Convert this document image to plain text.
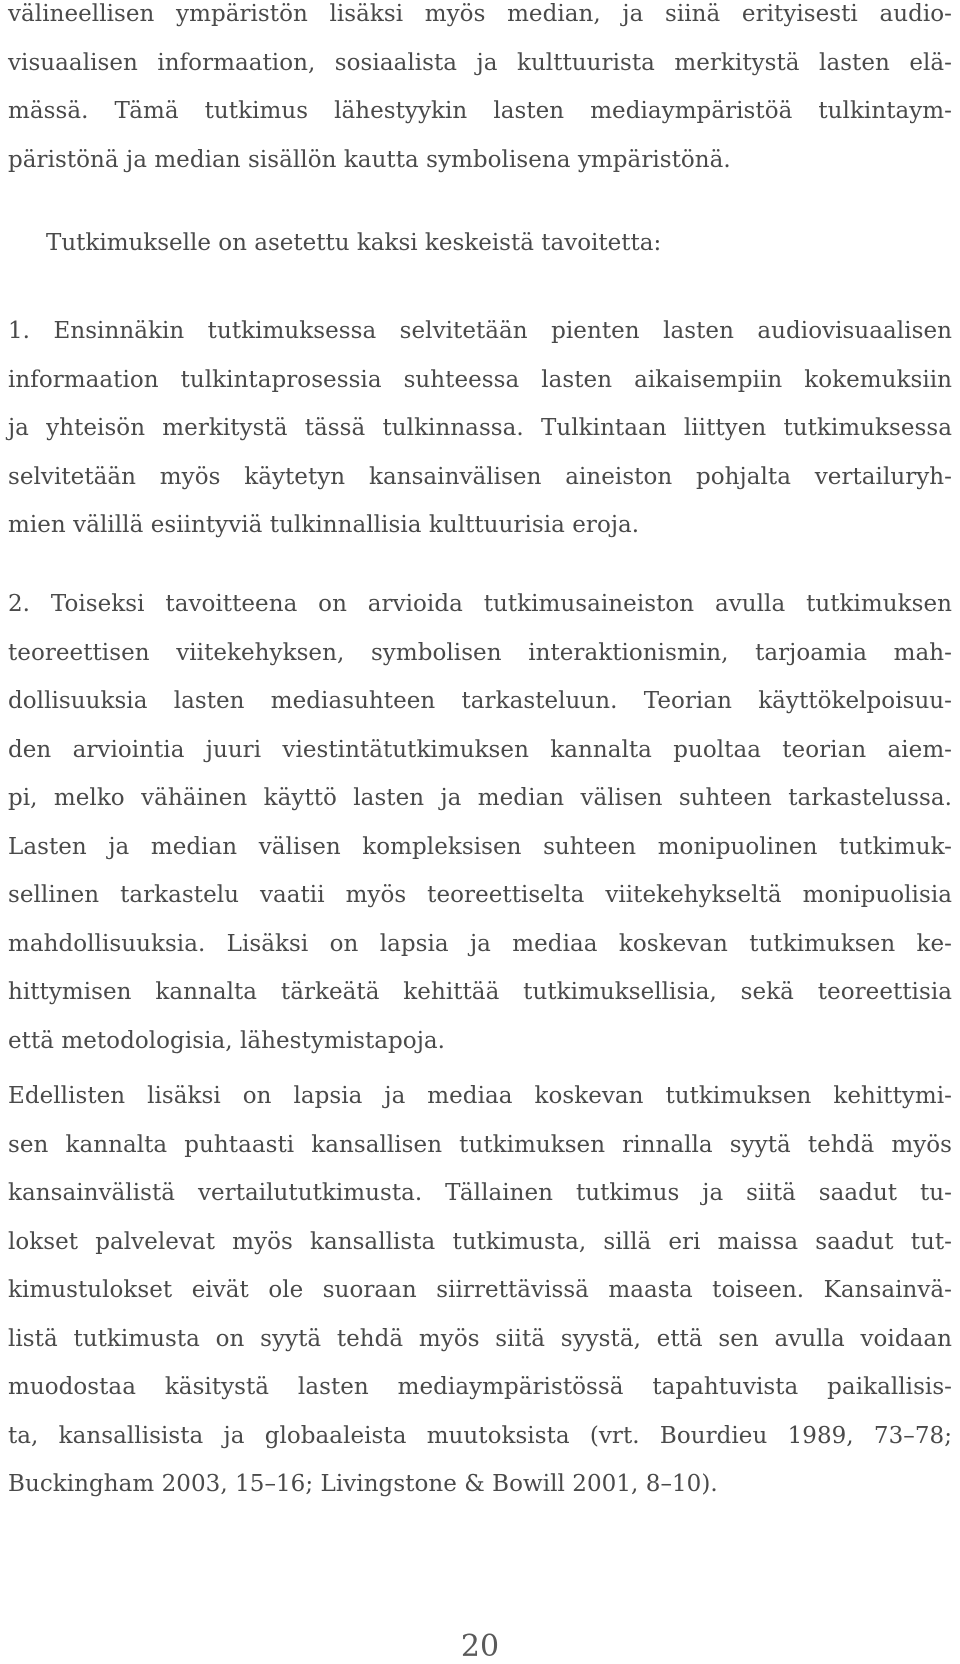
välineellisen ympäristön lisäksi myös median, ja siinä erityisesti audio-
visuaalisen informaation, sosiaalista ja kulttuurista merkitystä lasten elä-
mässä. Tämä tutkimus lähestyykin lasten mediaympäristöä tulkintaym-
päristönä ja median sisällön kautta symbolisena ympäristönä.
Tutkimukselle on asetettu kaksi keskeistä tavoitetta:
1. Ensinnäkin tutkimuksessa selvitetään pienten lasten audiovisuaalisen
informaation tulkintaprosessia suhteessa lasten aikaisempiin kokemuksiin
ja yhteisön merkitystä tässä tulkinnassa. Tulkintaan liittyen tutkimuksessa
selvitetään myös käytetyn kansainvälisen aineiston pohjalta vertailuryh-
mien välillä esiintyviä tulkinnallisia kulttuurisia eroja.
2. Toiseksi tavoitteena on arvioida tutkimusaineiston avulla tutkimuksen
teoreettisen viitekehyksen, symbolisen interaktionismin, tarjoamia mah-
dollisuuksia lasten mediasuhteen tarkasteluun. Teorian käyttökelpoisuu-
den arviointia juuri viestintätutkimuksen kannalta puoltaa teorian aiem-
pi, melko vähäinen käyttö lasten ja median välisen suhteen tarkastelussa.
Lasten ja median välisen kompleksisen suhteen monipuolinen tutkimuk-
sellinen tarkastelu vaatii myös teoreettiselta viitekehykseltä monipuolisia
mahdollisuuksia. Lisäksi on lapsia ja mediaa koskevan tutkimuksen ke-
hittymisen kannalta tärkeätä kehittää tutkimuksellisia, sekä teoreettisia
että metodologisia, lähestymistapoja.
Edellisten lisäksi on lapsia ja mediaa koskevan tutkimuksen kehittymi-
sen kannalta puhtaasti kansallisen tutkimuksen rinnalla syytä tehdä myös
kansainvälistä vertailututkimusta. Tällainen tutkimus ja siitä saadut tu-
lokset palvelevat myös kansallista tutkimusta, sillä eri maissa saadut tut-
kimustulokset eivät ole suoraan siirrettävissä maasta toiseen. Kansainvä-
listä tutkimusta on syytä tehdä myös siitä syystä, että sen avulla voidaan
muodostaa käsitystä lasten mediaympäristössä tapahtuvista paikallisis-
ta, kansallisista ja globaaleista muutoksista (vrt. Bourdieu 1989, 73–78;
Buckingham 2003, 15–16; Livingstone & Bowill 2001, 8–10).
20
